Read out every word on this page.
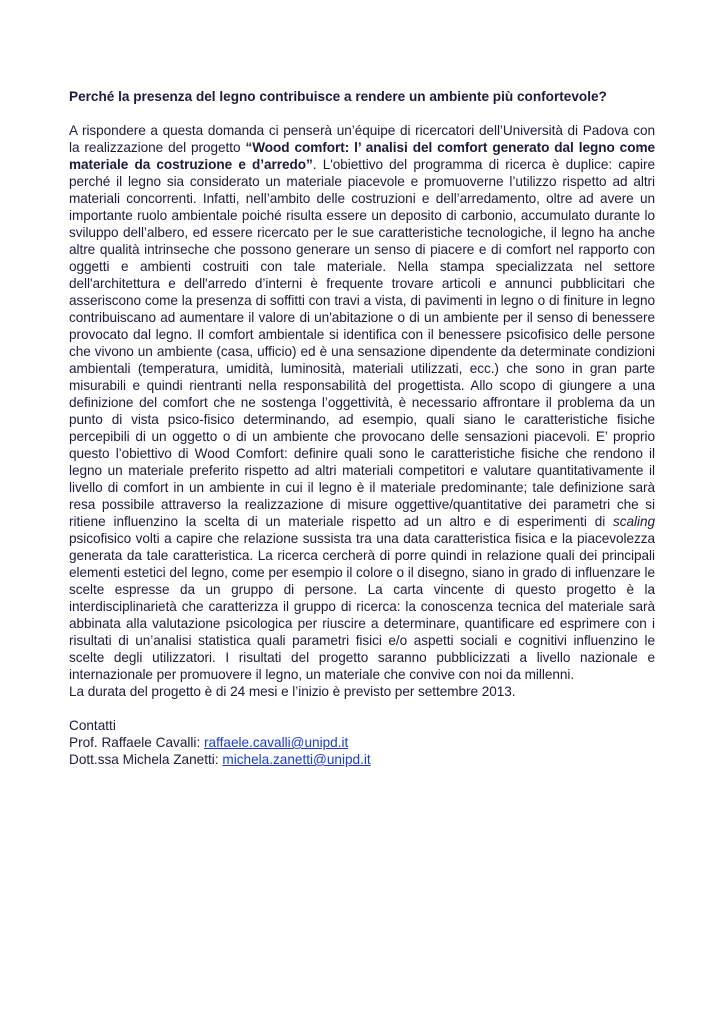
Perché la presenza del legno contribuisce a rendere un ambiente più confortevole?

A rispondere a questa domanda ci penserà un’équipe di ricercatori dell’Università di Padova con la realizzazione del progetto “Wood comfort: l’ analisi del comfort generato dal legno come materiale da costruzione e d’arredo”. L'obiettivo del programma di ricerca è duplice: capire perché il legno sia considerato un materiale piacevole e promuoverne l’utilizzo rispetto ad altri materiali concorrenti. Infatti, nell’ambito delle costruzioni e dell’arredamento, oltre ad avere un importante ruolo ambientale poiché risulta essere un deposito di carbonio, accumulato durante lo sviluppo dell’albero, ed essere ricercato per le sue caratteristiche tecnologiche, il legno ha anche altre qualità intrinseche che possono generare un senso di piacere e di comfort nel rapporto con oggetti e ambienti costruiti con tale materiale. Nella stampa specializzata nel settore dell'architettura e dell'arredo d’interni è frequente trovare articoli e annunci pubblicitari che asseriscono come la presenza di soffitti con travi a vista, di pavimenti in legno o di finiture in legno contribuiscano ad aumentare il valore di un'abitazione o di un ambiente per il senso di benessere provocato dal legno. Il comfort ambientale si identifica con il benessere psicofisico delle persone che vivono un ambiente (casa, ufficio) ed è una sensazione dipendente da determinate condizioni ambientali (temperatura, umidità, luminosità, materiali utilizzati, ecc.) che sono in gran parte misurabili e quindi rientranti nella responsabilità del progettista. Allo scopo di giungere a una definizione del comfort che ne sostenga l’oggettività, è necessario affrontare il problema da un punto di vista psico-fisico determinando, ad esempio, quali siano le caratteristiche fisiche percepibili di un oggetto o di un ambiente che provocano delle sensazioni piacevoli. E’ proprio questo l’obiettivo di Wood Comfort: definire quali sono le caratteristiche fisiche che rendono il legno un materiale preferito rispetto ad altri materiali competitori e valutare quantitativamente il livello di comfort in un ambiente in cui il legno è il materiale predominante; tale definizione sarà resa possibile attraverso la realizzazione di misure oggettive/quantitative dei parametri che si ritiene influenzino la scelta di un materiale rispetto ad un altro e di esperimenti di scaling psicofisico volti a capire che relazione sussista tra una data caratteristica fisica e la piacevolezza generata da tale caratteristica. La ricerca cercherà di porre quindi in relazione quali dei principali elementi estetici del legno, come per esempio il colore o il disegno, siano in grado di influenzare le scelte espresse da un gruppo di persone. La carta vincente di questo progetto è la interdisciplinarietà che caratterizza il gruppo di ricerca: la conoscenza tecnica del materiale sarà abbinata alla valutazione psicologica per riuscire a determinare, quantificare ed esprimere con i risultati di un’analisi statistica quali parametri fisici e/o aspetti sociali e cognitivi influenzino le scelte degli utilizzatori. I risultati del progetto saranno pubblicizzati a livello nazionale e internazionale per promuovere il legno, un materiale che convive con noi da millenni.

La durata del progetto è di 24 mesi e l’inizio è previsto per settembre 2013.

Contatti
Prof. Raffaele Cavalli: raffaele.cavalli@unipd.it
Dott.ssa Michela Zanetti: michela.zanetti@unipd.it
